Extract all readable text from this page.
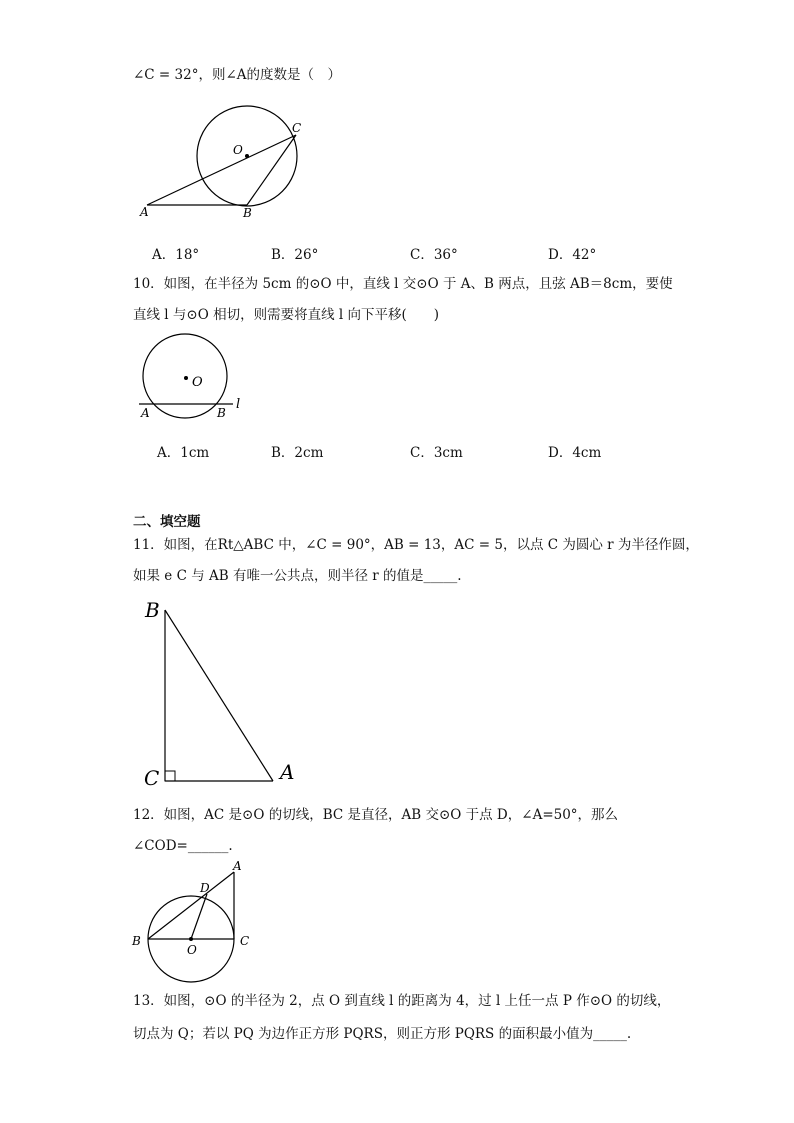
∠C = 32°，则∠A的度数是（　）
O
A	B
C
A．18°	B．26°	C．36°	D．42°
10．如图，在半径为 5cm 的⊙O 中，直线 l 交⊙O 于 A、B 两点，且弦 AB＝8cm，要使
直线 l 与⊙O 相切，则需要将直线 l 向下平移(　　)
O
A	B
l
A．1cm	B．2cm	C．3cm	D．4cm
二、填空题
11．如图，在Rt△ABC 中，∠C = 90°，AB = 13，AC = 5，以点 C 为圆心 r 为半径作圆，
如果 e C 与 AB 有唯一公共点，则半径 r 的值是_____.
B
C	A
12．如图，AC 是⊙O 的切线，BC 是直径，AB 交⊙O 于点 D，∠A=50°，那么
∠COD=______.
A
D
B
O
C
13．如图，⊙O 的半径为 2，点 O 到直线 l 的距离为 4，过 l 上任一点 P 作⊙O 的切线，
切点为 Q；若以 PQ 为边作正方形 PQRS，则正方形 PQRS 的面积最小值为_____.
